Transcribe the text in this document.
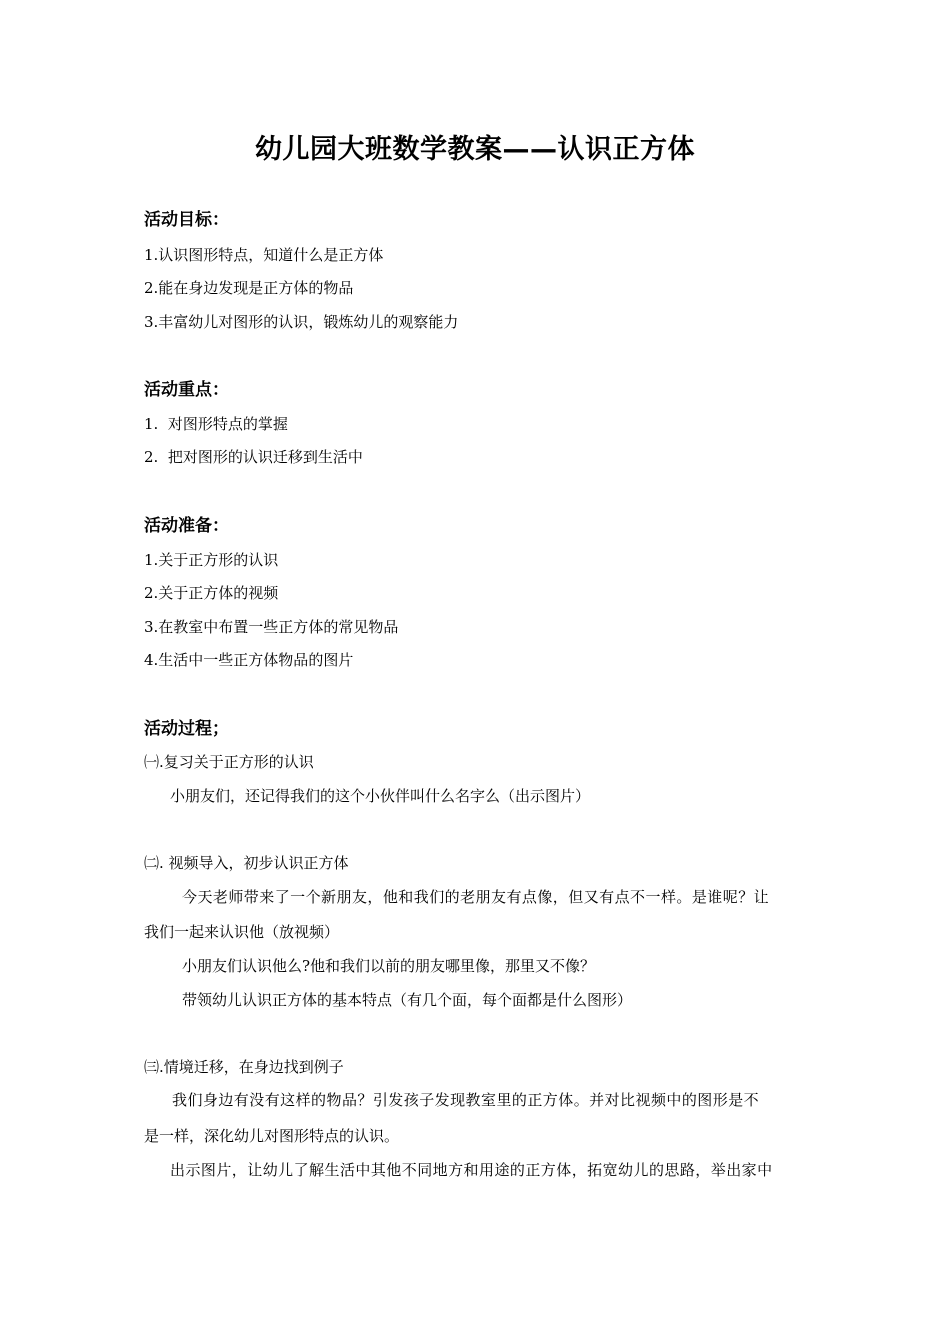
幼儿园大班数学教案——认识正方体
活动目标：
1.认识图形特点，知道什么是正方体
2.能在身边发现是正方体的物品
3.丰富幼儿对图形的认识，锻炼幼儿的观察能力
活动重点：
1.  对图形特点的掌握
2.  把对图形的认识迁移到生活中
活动准备：
1.关于正方形的认识
2.关于正方体的视频
3.在教室中布置一些正方体的常见物品
4.生活中一些正方体物品的图片
活动过程；
㈠.复习关于正方形的认识
小朋友们，还记得我们的这个小伙伴叫什么名字么（出示图片）
㈡. 视频导入，初步认识正方体
今天老师带来了一个新朋友，他和我们的老朋友有点像，但又有点不一样。是谁呢？让
我们一起来认识他（放视频）
小朋友们认识他么?他和我们以前的朋友哪里像，那里又不像？
带领幼儿认识正方体的基本特点（有几个面，每个面都是什么图形）
㈢.情境迁移，在身边找到例子
我们身边有没有这样的物品？引发孩子发现教室里的正方体。并对比视频中的图形是不
是一样，深化幼儿对图形特点的认识。
出示图片，让幼儿了解生活中其他不同地方和用途的正方体，拓宽幼儿的思路，举出家中
